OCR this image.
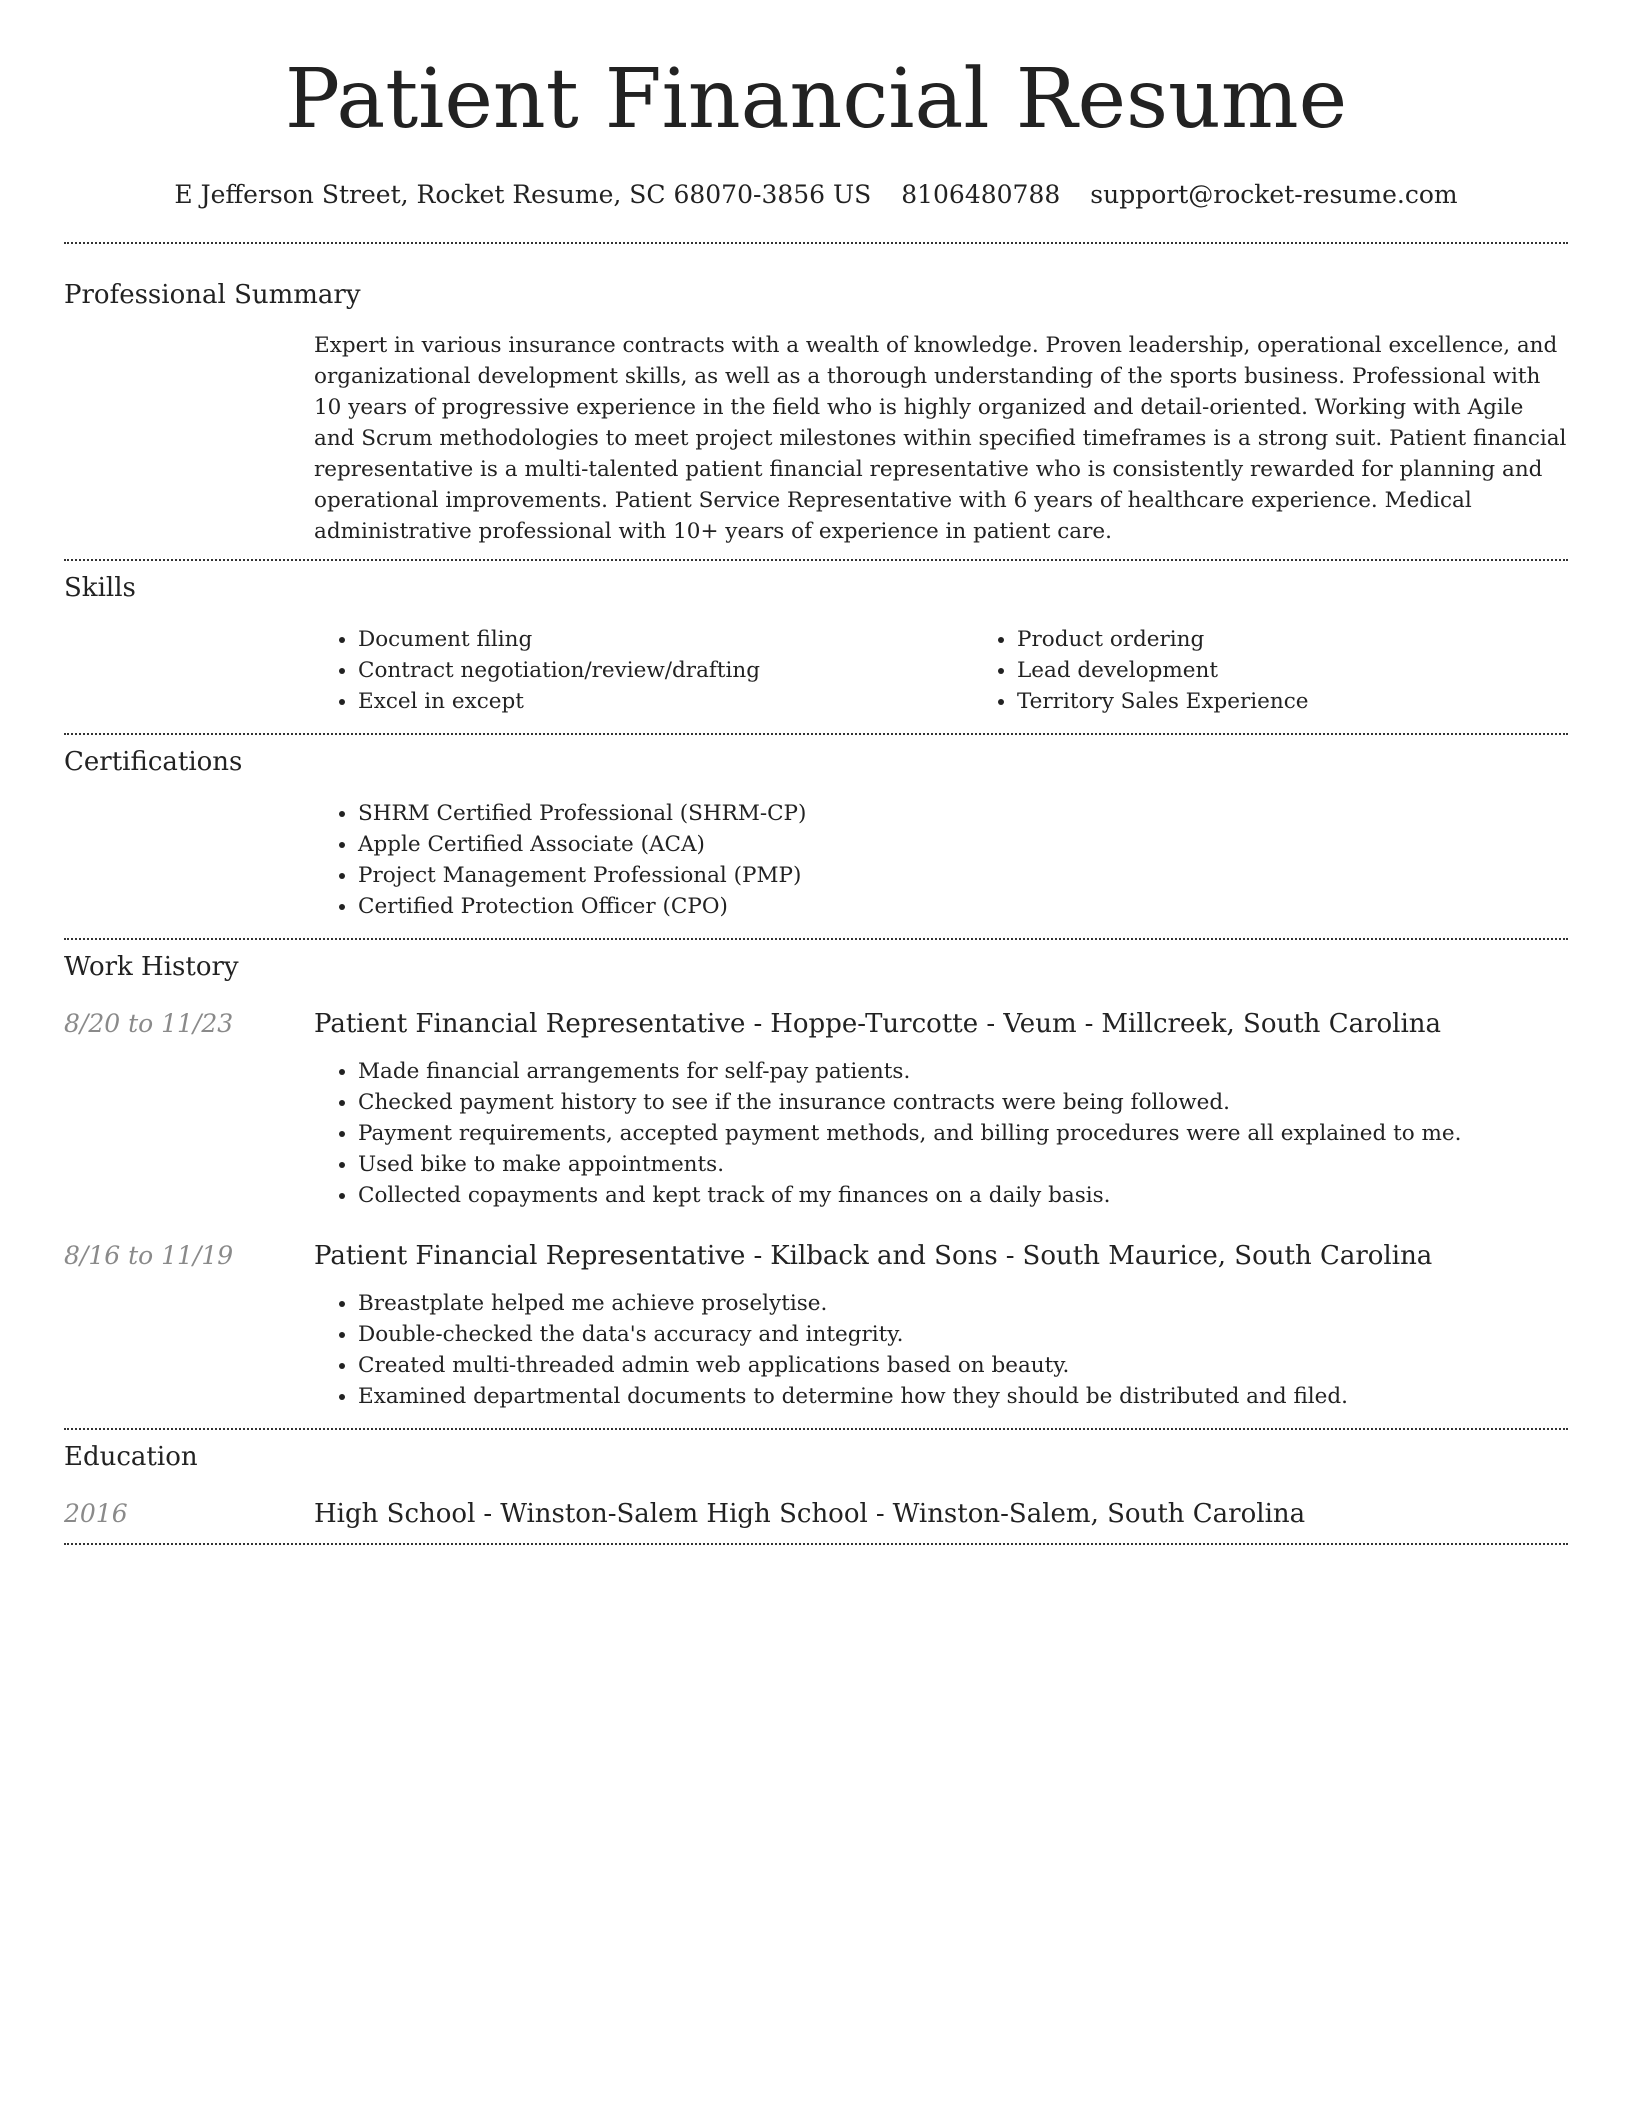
Patient Financial Resume
E Jefferson Street, Rocket Resume, SC 68070-3856 US 8106480788 support@rocket-resume.com
Professional Summary

Expert in various insurance contracts with a wealth of knowledge. Proven leadership, operational excellence, and organizational development skills, as well as a thorough understanding of the sports business. Professional with 10 years of progressive experience in the field who is highly organized and detail-oriented. Working with Agile and Scrum methodologies to meet project milestones within specified timeframes is a strong suit. Patient financial representative is a multi-talented patient financial representative who is consistently rewarded for planning and operational improvements. Patient Service Representative with 6 years of healthcare experience. Medical administrative professional with 10+ years of experience in patient care.

Skills
• Document filing
• Contract negotiation/review/drafting
• Excel in except
• Product ordering
• Lead development
• Territory Sales Experience
Certifications
• SHRM Certified Professional (SHRM-CP)
• Apple Certified Associate (ACA)
• Project Management Professional (PMP)
• Certified Protection Officer (CPO)
Work History
8/20 to 11/23	Patient Financial Representative - Hoppe-Turcotte - Veum - Millcreek, South Carolina
• Made financial arrangements for self-pay patients.
• Checked payment history to see if the insurance contracts were being followed.
• Payment requirements, accepted payment methods, and billing procedures were all explained to me.
• Used bike to make appointments.
• Collected copayments and kept track of my finances on a daily basis.
8/16 to 11/19	Patient Financial Representative - Kilback and Sons - South Maurice, South Carolina
• Breastplate helped me achieve proselytise.
• Double-checked the data's accuracy and integrity.
• Created multi-threaded admin web applications based on beauty.
• Examined departmental documents to determine how they should be distributed and filed.
Education
2016	High School - Winston-Salem High School - Winston-Salem, South Carolina
